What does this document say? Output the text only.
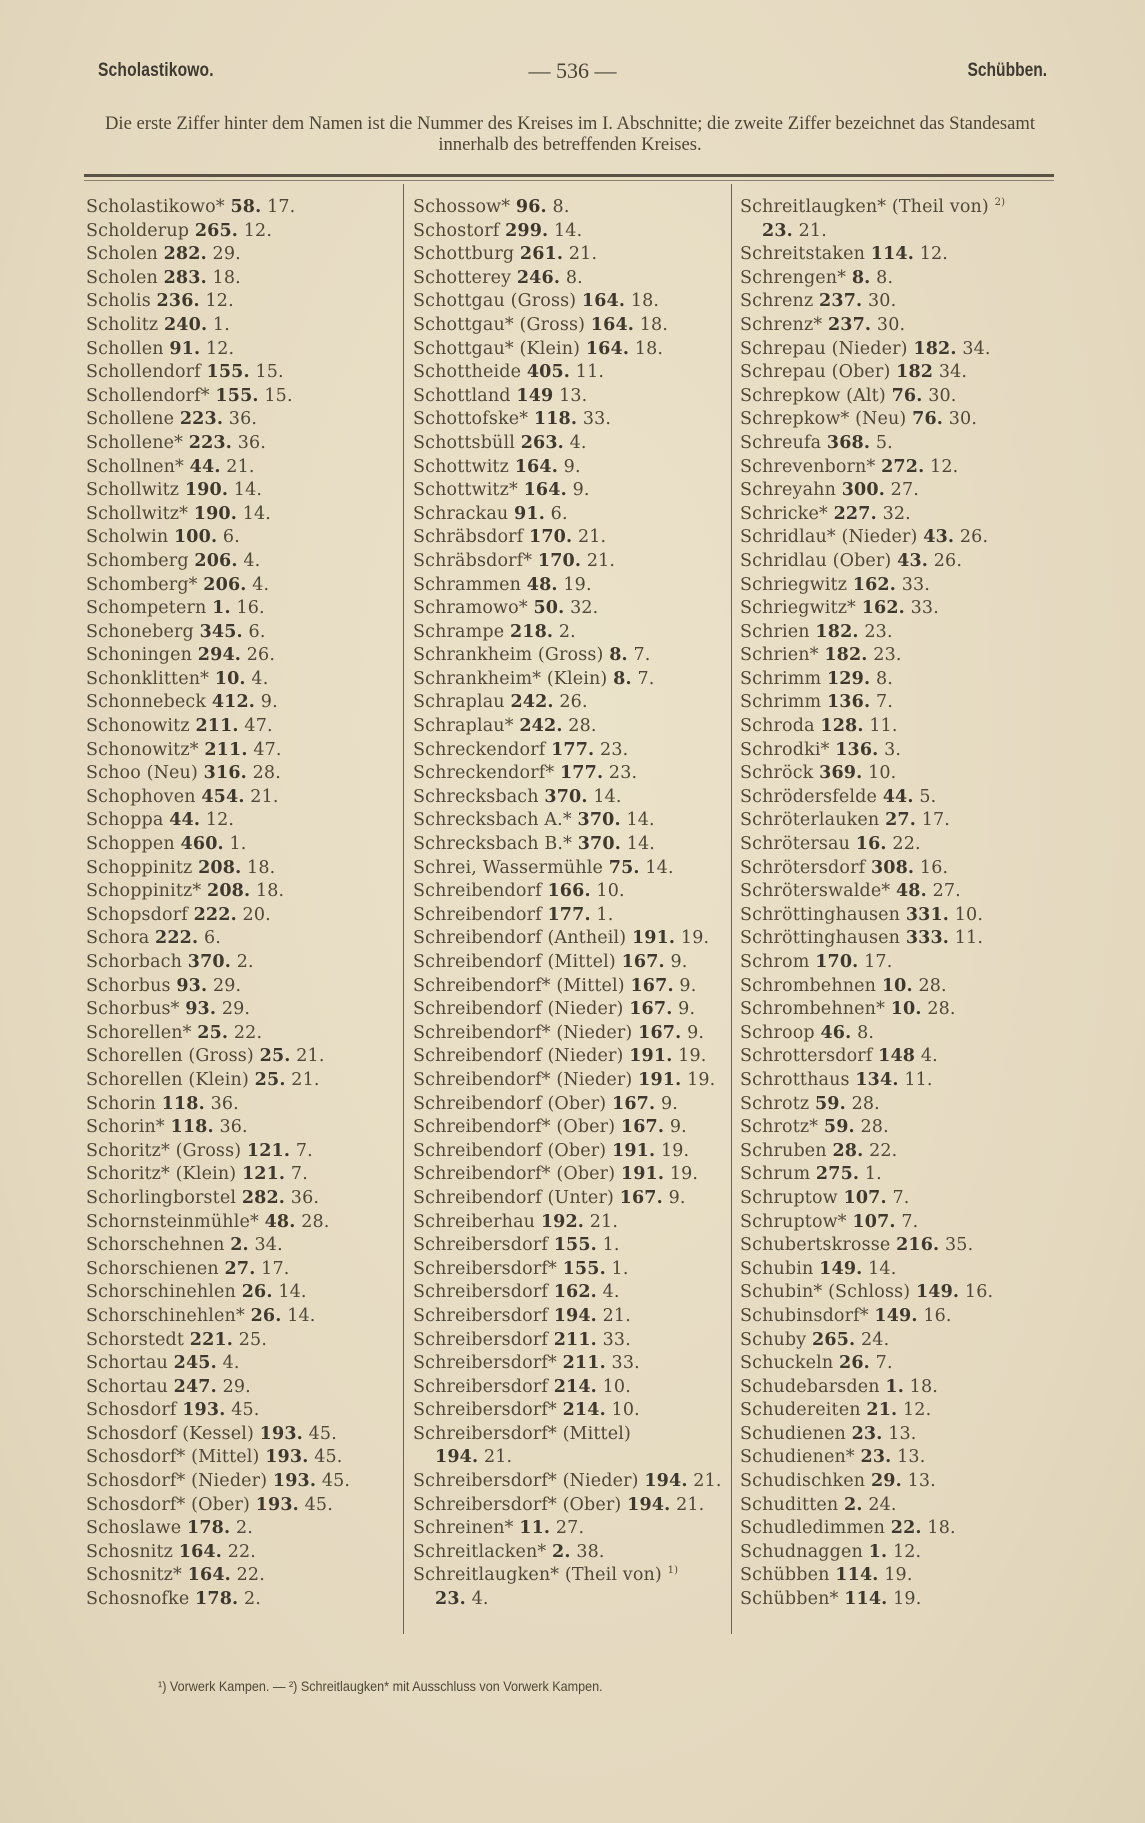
Scholastikowo.	— 536 —	Schübben.
Die erste Ziffer hinter dem Namen ist die Nummer des Kreises im I. Abschnitte; die zweite Ziffer bezeichnet das Standesamt innerhalb des betreffenden Kreises.
Scholastikowo* 58. 17.
Scholderup 265. 12.
Scholen 282. 29.
Scholen 283. 18.
Scholis 236. 12.
Scholitz 240. 1.
Schollen 91. 12.
Schollendorf 155. 15.
Schollendorf* 155. 15.
Schollene 223. 36.
Schollene* 223. 36.
Schollnen* 44. 21.
Schollwitz 190. 14.
Schollwitz* 190. 14.
Scholwin 100. 6.
Schomberg 206. 4.
Schomberg* 206. 4.
Schompetern 1. 16.
Schoneberg 345. 6.
Schoningen 294. 26.
Schonklitten* 10. 4.
Schonnebeck 412. 9.
Schonowitz 211. 47.
Schonowitz* 211. 47.
Schoo (Neu) 316. 28.
Schophoven 454. 21.
Schoppa 44. 12.
Schoppen 460. 1.
Schoppinitz 208. 18.
Schoppinitz* 208. 18.
Schopsdorf 222. 20.
Schora 222. 6.
Schorbach 370. 2.
Schorbus 93. 29.
Schorbus* 93. 29.
Schorellen* 25. 22.
Schorellen (Gross) 25. 21.
Schorellen (Klein) 25. 21.
Schorin 118. 36.
Schorin* 118. 36.
Schoritz* (Gross) 121. 7.
Schoritz* (Klein) 121. 7.
Schorlingborstel 282. 36.
Schornsteinmühle* 48. 28.
Schorschehnen 2. 34.
Schorschienen 27. 17.
Schorschinehlen 26. 14.
Schorschinehlen* 26. 14.
Schorstedt 221. 25.
Schortau 245. 4.
Schortau 247. 29.
Schosdorf 193. 45.
Schosdorf (Kessel) 193. 45.
Schosdorf* (Mittel) 193. 45.
Schosdorf* (Nieder) 193. 45.
Schosdorf* (Ober) 193. 45.
Schoslawe 178. 2.
Schosnitz 164. 22.
Schosnitz* 164. 22.
Schosnofke 178. 2.
Schossow* 96. 8.
Schostorf 299. 14.
Schottburg 261. 21.
Schotterey 246. 8.
Schottgau (Gross) 164. 18.
Schottgau* (Gross) 164. 18.
Schottgau* (Klein) 164. 18.
Schottheide 405. 11.
Schottland 149 13.
Schottofske* 118. 33.
Schottsbüll 263. 4.
Schottwitz 164. 9.
Schottwitz* 164. 9.
Schrackau 91. 6.
Schräbsdorf 170. 21.
Schräbsdorf* 170. 21.
Schrammen 48. 19.
Schramowo* 50. 32.
Schrampe 218. 2.
Schrankheim (Gross) 8. 7.
Schrankheim* (Klein) 8. 7.
Schraplau 242. 26.
Schraplau* 242. 28.
Schreckendorf 177. 23.
Schreckendorf* 177. 23.
Schrecksbach 370. 14.
Schrecksbach A.* 370. 14.
Schrecksbach B.* 370. 14.
Schrei, Wassermühle 75. 14.
Schreibendorf 166. 10.
Schreibendorf 177. 1.
Schreibendorf (Antheil) 191. 19.
Schreibendorf (Mittel) 167. 9.
Schreibendorf* (Mittel) 167. 9.
Schreibendorf (Nieder) 167. 9.
Schreibendorf* (Nieder) 167. 9.
Schreibendorf (Nieder) 191. 19.
Schreibendorf* (Nieder) 191. 19.
Schreibendorf (Ober) 167. 9.
Schreibendorf* (Ober) 167. 9.
Schreibendorf (Ober) 191. 19.
Schreibendorf* (Ober) 191. 19.
Schreibendorf (Unter) 167. 9.
Schreiberhau 192. 21.
Schreibersdorf 155. 1.
Schreibersdorf* 155. 1.
Schreibersdorf 162. 4.
Schreibersdorf 194. 21.
Schreibersdorf 211. 33.
Schreibersdorf* 211. 33.
Schreibersdorf 214. 10.
Schreibersdorf* 214. 10.
Schreibersdorf* (Mittel)
194. 21.
Schreibersdorf* (Nieder) 194. 21.
Schreibersdorf* (Ober) 194. 21.
Schreinen* 11. 27.
Schreitlacken* 2. 38.
Schreitlaugken* (Theil von) $^{1)}$
23. 4.
Schreitlaugken* (Theil von) $^{2)}$
23. 21.
Schreitstaken 114. 12.
Schrengen* 8. 8.
Schrenz 237. 30.
Schrenz* 237. 30.
Schrepau (Nieder) 182. 34.
Schrepau (Ober) 182 34.
Schrepkow (Alt) 76. 30.
Schrepkow* (Neu) 76. 30.
Schreufa 368. 5.
Schrevenborn* 272. 12.
Schreyahn 300. 27.
Schricke* 227. 32.
Schridlau* (Nieder) 43. 26.
Schridlau (Ober) 43. 26.
Schriegwitz 162. 33.
Schriegwitz* 162. 33.
Schrien 182. 23.
Schrien* 182. 23.
Schrimm 129. 8.
Schrimm 136. 7.
Schroda 128. 11.
Schrodki* 136. 3.
Schröck 369. 10.
Schrödersfelde 44. 5.
Schröterlauken 27. 17.
Schrötersau 16. 22.
Schrötersdorf 308. 16.
Schröterswalde* 48. 27.
Schröttinghausen 331. 10.
Schröttinghausen 333. 11.
Schrom 170. 17.
Schrombehnen 10. 28.
Schrombehnen* 10. 28.
Schroop 46. 8.
Schrottersdorf 148 4.
Schrotthaus 134. 11.
Schrotz 59. 28.
Schrotz* 59. 28.
Schruben 28. 22.
Schrum 275. 1.
Schruptow 107. 7.
Schruptow* 107. 7.
Schubertskrosse 216. 35.
Schubin 149. 14.
Schubin* (Schloss) 149. 16.
Schubinsdorf* 149. 16.
Schuby 265. 24.
Schuckeln 26. 7.
Schudebarsden 1. 18.
Schudereiten 21. 12.
Schudienen 23. 13.
Schudienen* 23. 13.
Schudischken 29. 13.
Schuditten 2. 24.
Schudledimmen 22. 18.
Schudnaggen 1. 12.
Schübben 114. 19.
Schübben* 114. 19.
¹) Vorwerk Kampen. — ²) Schreitlaugken* mit Ausschluss von Vorwerk Kampen.
